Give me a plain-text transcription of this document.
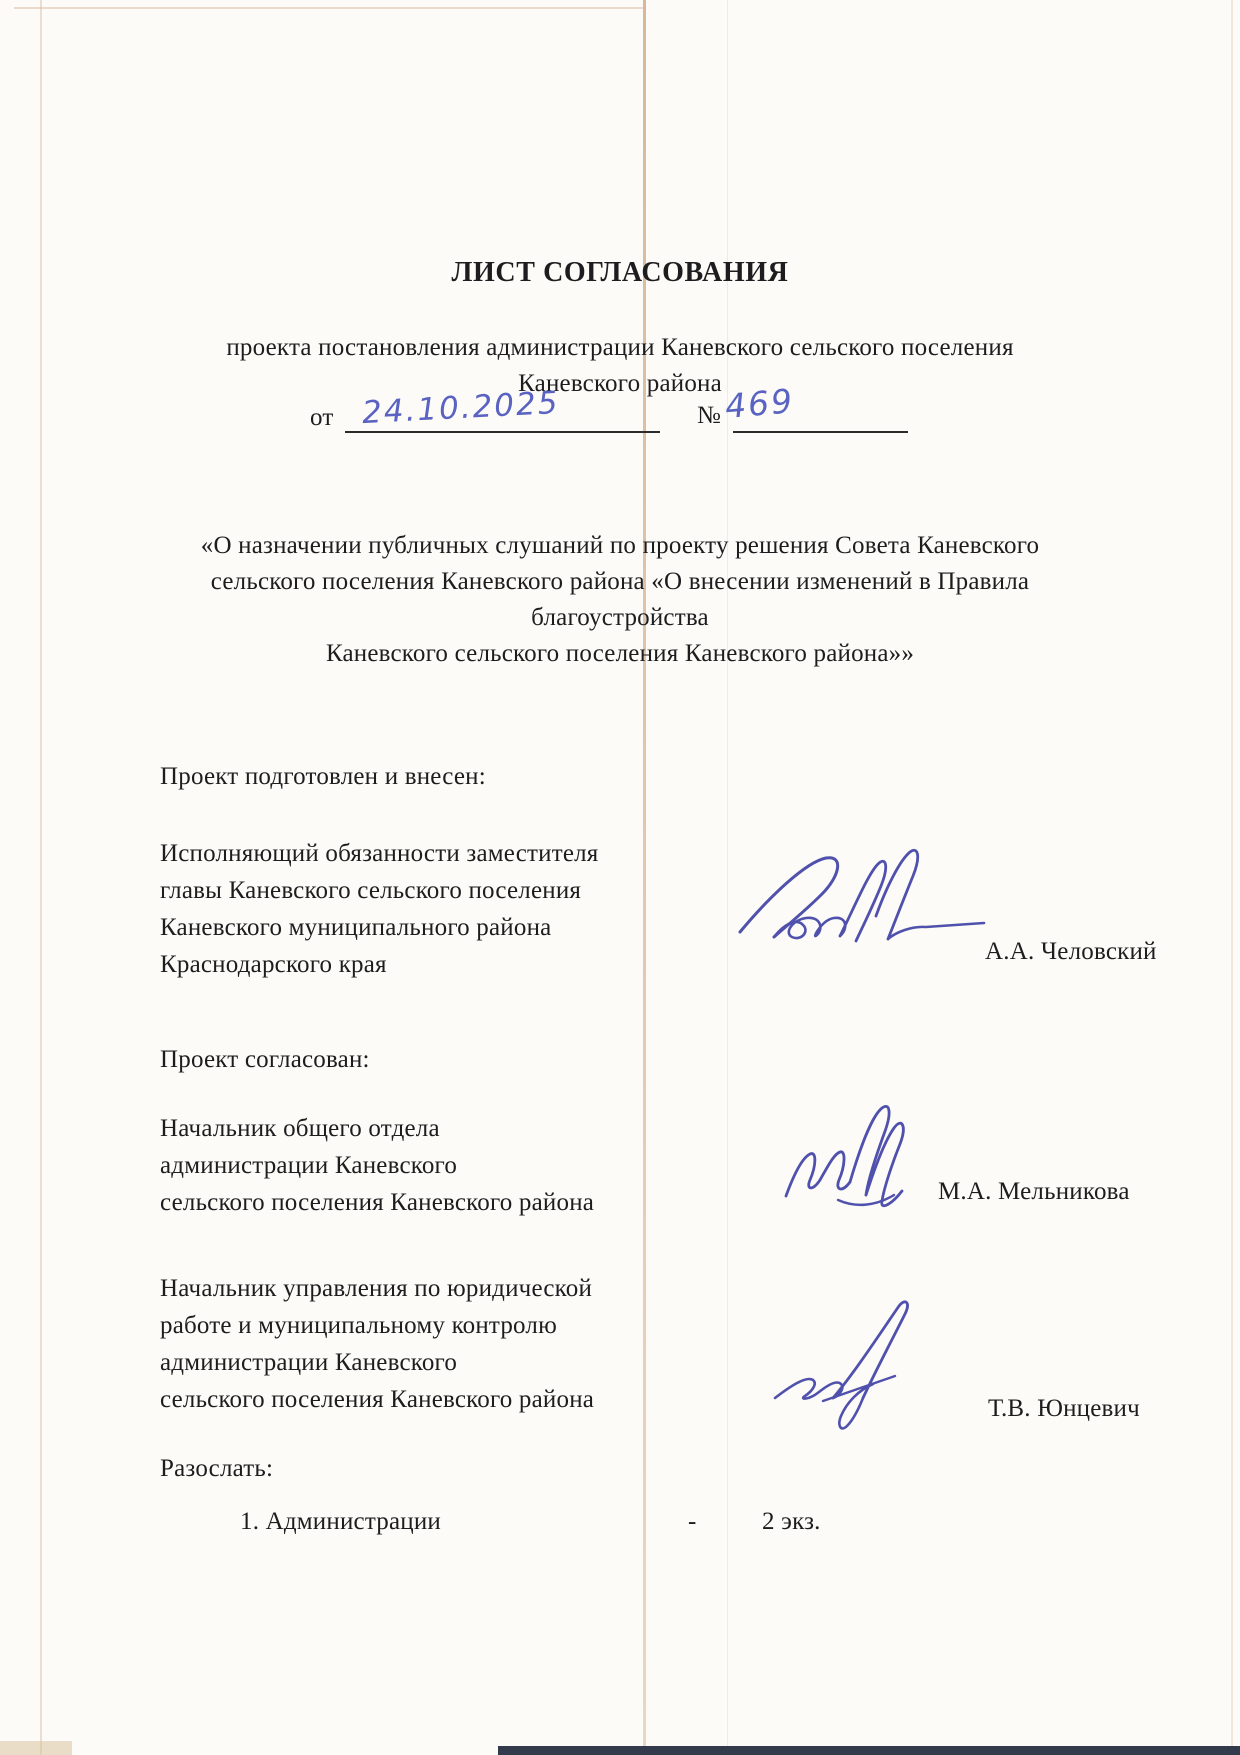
ЛИСТ СОГЛАСОВАНИЯ
проекта постановления администрации Каневского сельского поселения
Каневского района
от 24.10.2025	№ 469
«О назначении публичных слушаний по проекту решения Совета Каневского
сельского поселения Каневского района «О внесении изменений в Правила
благоустройства
Каневского сельского поселения Каневского района»»
Проект подготовлен и внесен:
Исполняющий обязанности заместителя
главы Каневского сельского поселения
Каневского муниципального района
Краснодарского края	А.А. Человский
Проект согласован:
Начальник общего отдела
администрации Каневского
сельского поселения Каневского района	М.А. Мельникова
Начальник управления по юридической
работе и муниципальному контролю
администрации Каневского
сельского поселения Каневского района	Т.В. Юнцевич
Разослать:
1. Администрации	-	2 экз.
